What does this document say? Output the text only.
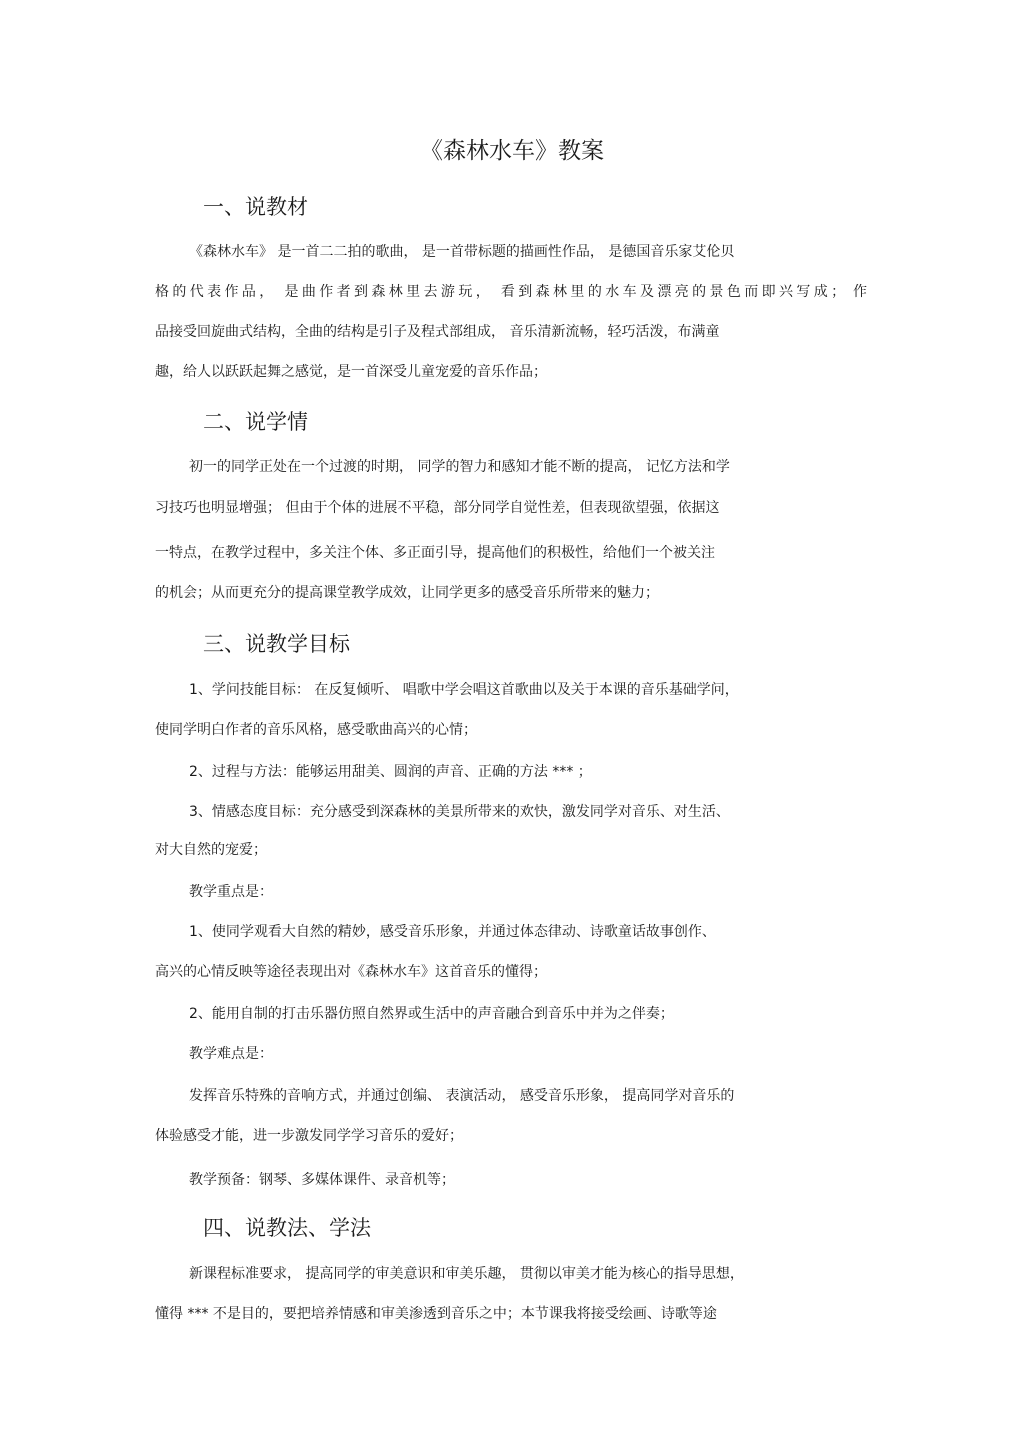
《森林水车》教案
一、说教材
《森林水车》 是一首二二拍的歌曲， 是一首带标题的描画性作品， 是德国音乐家艾伦贝
格的代表作品， 是曲作者到森林里去游玩， 看到森林里的水车及漂亮的景色而即兴写成； 作
品接受回旋曲式结构，全曲的结构是引子及程式部组成， 音乐清新流畅，轻巧活泼，布满童
趣，给人以跃跃起舞之感觉，是一首深受儿童宠爱的音乐作品；
二、说学情
初一的同学正处在一个过渡的时期， 同学的智力和感知才能不断的提高， 记忆方法和学
习技巧也明显增强； 但由于个体的进展不平稳，部分同学自觉性差，但表现欲望强，依据这
一特点，在教学过程中，多关注个体、多正面引导，提高他们的积极性，给他们一个被关注
的机会；从而更充分的提高课堂教学成效，让同学更多的感受音乐所带来的魅力；
三、说教学目标
1、学问技能目标： 在反复倾听、 唱歌中学会唱这首歌曲以及关于本课的音乐基础学问，
使同学明白作者的音乐风格，感受歌曲高兴的心情；
2、过程与方法：能够运用甜美、圆润的声音、正确的方法 *** ；
3、情感态度目标：充分感受到深森林的美景所带来的欢快，激发同学对音乐、对生活、
对大自然的宠爱；
教学重点是：
1、使同学观看大自然的精妙，感受音乐形象，并通过体态律动、诗歌童话故事创作、
高兴的心情反映等途径表现出对《森林水车》这首音乐的懂得；
2、能用自制的打击乐器仿照自然界或生活中的声音融合到音乐中并为之伴奏；
教学难点是：
发挥音乐特殊的音响方式，并通过创编、 表演活动， 感受音乐形象， 提高同学对音乐的
体验感受才能，进一步激发同学学习音乐的爱好；
教学预备：钢琴、多媒体课件、录音机等；
四、说教法、学法
新课程标准要求， 提高同学的审美意识和审美乐趣， 贯彻以审美才能为核心的指导思想，
懂得 *** 不是目的，要把培养情感和审美渗透到音乐之中；本节课我将接受绘画、诗歌等途
